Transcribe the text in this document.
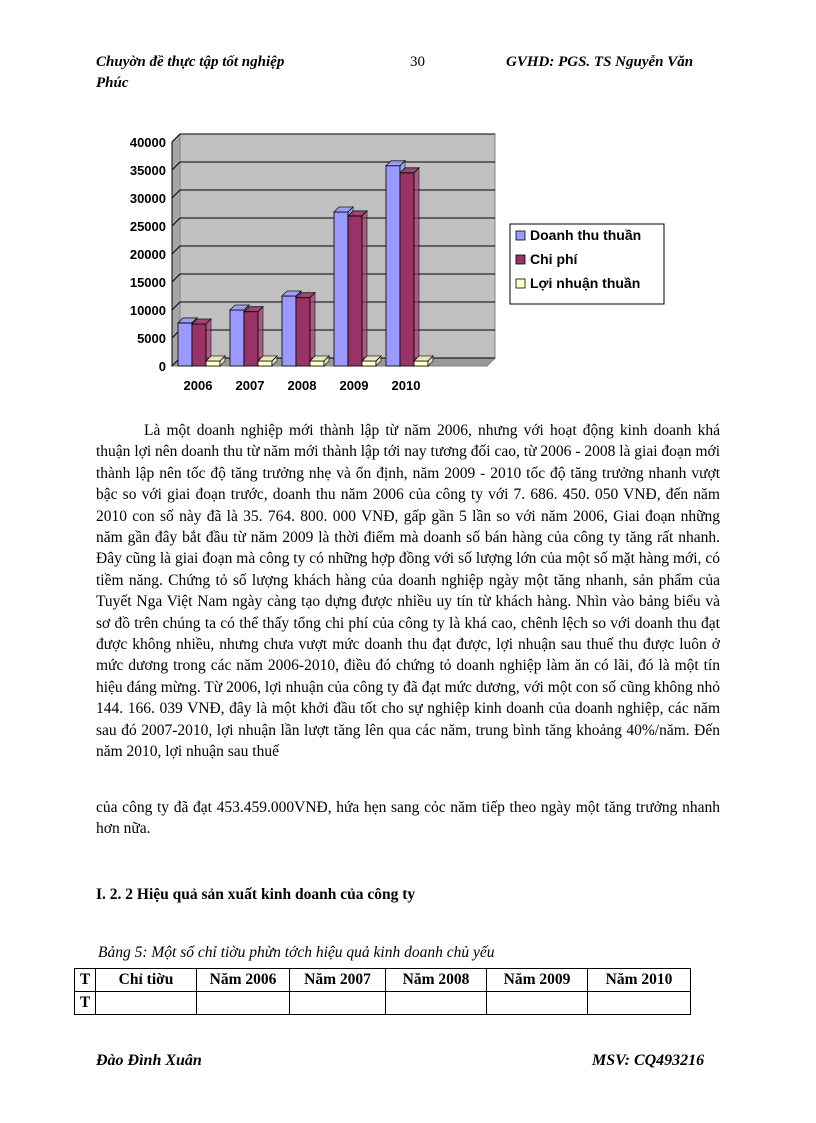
Chuyờn đề thực tập tốt nghiệp	30	GVHD: PGS. TS Nguyễn Văn
Phúc
0
5000
10000
15000
20000
25000
30000
35000
40000
2006 2007 2008 2009 2010
Doanh thu thuần
Chi phí
Lợi nhuận thuần

Là một doanh nghiệp mới thành lập từ năm 2006, nhưng với hoạt động kinh doanh khá thuận lợi nên doanh thu từ năm mới thành lập tới nay tương đối cao, từ 2006 - 2008 là giai đoạn mới thành lập nên tốc độ tăng trưởng nhẹ và ổn định, năm 2009 - 2010 tốc độ tăng trưởng nhanh vượt bậc so với giai đoạn trước, doanh thu năm 2006 của công ty với 7. 686. 450. 050 VNĐ, đến năm 2010 con số này đã là 35. 764. 800. 000 VNĐ, gấp gần 5 lần so với năm 2006, Giai đoạn những năm gần đây bắt đầu từ năm 2009 là thời điểm mà doanh số bán hàng của công ty tăng rất nhanh. Đây cũng là giai đoạn mà công ty có những hợp đồng với số lượng lớn của một số mặt hàng mới, có tiềm năng. Chứng tỏ số lượng khách hàng của doanh nghiệp ngày một tăng nhanh, sản phẩm của Tuyết Nga Việt Nam ngày càng tạo dựng được nhiều uy tín từ khách hàng. Nhìn vào bảng biểu và sơ đồ trên chúng ta có thể thấy tổng chi phí của công ty là khá cao, chênh lệch so với doanh thu đạt được không nhiều, nhưng chưa vượt mức doanh thu đạt được, lợi nhuận sau thuế thu được luôn ở mức dương trong các năm 2006-2010, điều đó chứng tỏ doanh nghiệp làm ăn có lãi, đó là một tín hiệu đáng mừng. Từ 2006, lợi nhuận của công ty đã đạt mức dương, với một con số cũng không nhỏ 144. 166. 039 VNĐ, đây là một khởi đầu tốt cho sự nghiệp kinh doanh của doanh nghiệp, các năm sau đó 2007-2010, lợi nhuận lần lượt tăng lên qua các năm, trung bình tăng khoảng 40%/năm. Đến năm 2010, lợi nhuận sau thuế

của công ty đã đạt 453.459.000VNĐ, hứa hẹn sang cỏc năm tiếp theo ngày một tăng trưởng nhanh hơn nữa.

I. 2. 2 Hiệu quả sản xuất kinh doanh của công ty
Bảng 5: Một số chỉ tiờu phừn tớch hiệu quả kinh doanh chủ yếu
T	Chỉ tiờu	Năm 2006	Năm 2007	Năm 2008	Năm 2009	Năm 2010
T						
Đào Đình Xuân	MSV: CQ493216
